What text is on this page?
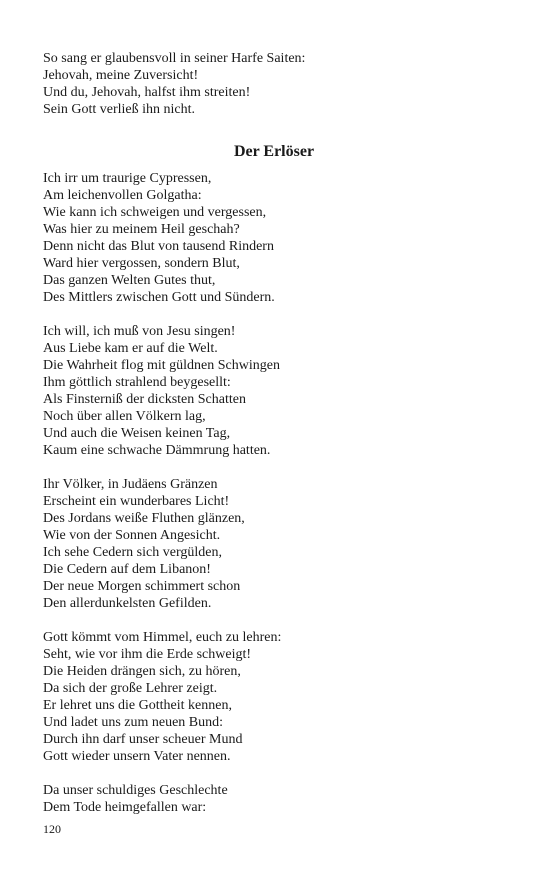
So sang er glaubensvoll in seiner Harfe Saiten:
Jehovah, meine Zuversicht!
Und du, Jehovah, halfst ihm streiten!
Sein Gott verließ ihn nicht.
Der Erlöser
Ich irr um traurige Cypressen,
Am leichenvollen Golgatha:
Wie kann ich schweigen und vergessen,
Was hier zu meinem Heil geschah?
Denn nicht das Blut von tausend Rindern
Ward hier vergossen, sondern Blut,
Das ganzen Welten Gutes thut,
Des Mittlers zwischen Gott und Sündern.
Ich will, ich muß von Jesu singen!
Aus Liebe kam er auf die Welt.
Die Wahrheit flog mit güldnen Schwingen
Ihm göttlich strahlend beygesellt:
Als Finsterniß der dicksten Schatten
Noch über allen Völkern lag,
Und auch die Weisen keinen Tag,
Kaum eine schwache Dämmrung hatten.
Ihr Völker, in Judäens Gränzen
Erscheint ein wunderbares Licht!
Des Jordans weiße Fluthen glänzen,
Wie von der Sonnen Angesicht.
Ich sehe Cedern sich vergülden,
Die Cedern auf dem Libanon!
Der neue Morgen schimmert schon
Den allerdunkelsten Gefilden.
Gott kömmt vom Himmel, euch zu lehren:
Seht, wie vor ihm die Erde schweigt!
Die Heiden drängen sich, zu hören,
Da sich der große Lehrer zeigt.
Er lehret uns die Gottheit kennen,
Und ladet uns zum neuen Bund:
Durch ihn darf unser scheuer Mund
Gott wieder unsern Vater nennen.
Da unser schuldiges Geschlechte
Dem Tode heimgefallen war:
120
